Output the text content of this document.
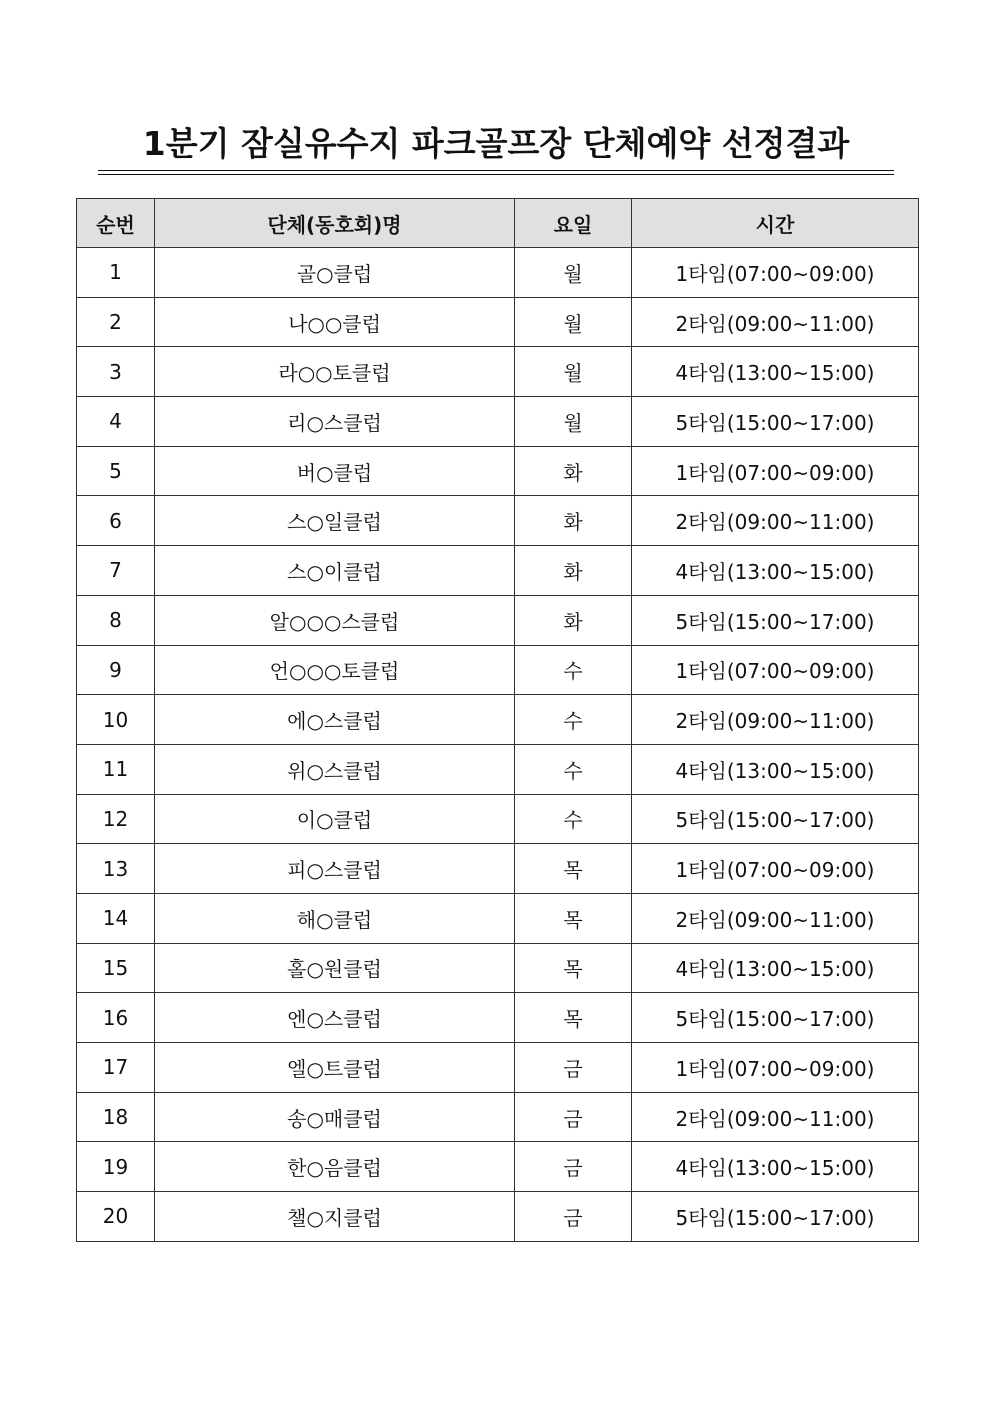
1분기 잠실유수지 파크골프장 단체예약 선정결과
순번	단체(동호회)명	요일	시간
1	골○클럽	월	1타임(07:00~09:00)
2	나○○클럽	월	2타임(09:00~11:00)
3	라○○토클럽	월	4타임(13:00~15:00)
4	리○스클럽	월	5타임(15:00~17:00)
5	버○클럽	화	1타임(07:00~09:00)
6	스○일클럽	화	2타임(09:00~11:00)
7	스○이클럽	화	4타임(13:00~15:00)
8	알○○○스클럽	화	5타임(15:00~17:00)
9	언○○○토클럽	수	1타임(07:00~09:00)
10	에○스클럽	수	2타임(09:00~11:00)
11	위○스클럽	수	4타임(13:00~15:00)
12	이○클럽	수	5타임(15:00~17:00)
13	피○스클럽	목	1타임(07:00~09:00)
14	해○클럽	목	2타임(09:00~11:00)
15	홀○원클럽	목	4타임(13:00~15:00)
16	엔○스클럽	목	5타임(15:00~17:00)
17	엘○트클럽	금	1타임(07:00~09:00)
18	송○매클럽	금	2타임(09:00~11:00)
19	한○음클럽	금	4타임(13:00~15:00)
20	챌○지클럽	금	5타임(15:00~17:00)
